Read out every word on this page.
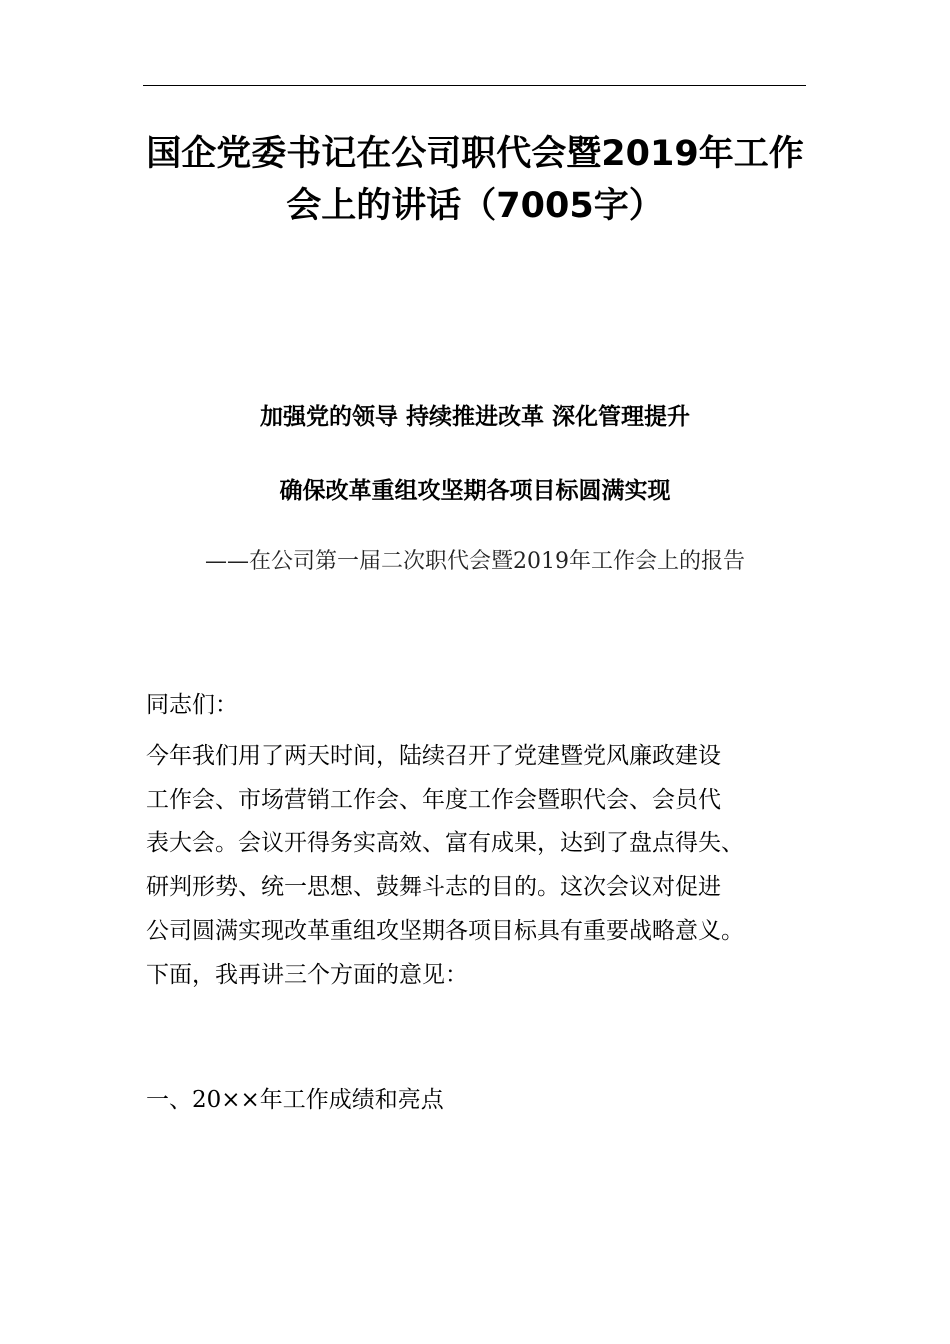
国企党委书记在公司职代会暨2019年工作会上的讲话（7005字）

加强党的领导 持续推进改革 深化管理提升

确保改革重组攻坚期各项目标圆满实现

——在公司第一届二次职代会暨2019年工作会上的报告

同志们：

今年我们用了两天时间，陆续召开了党建暨党风廉政建设
工作会、市场营销工作会、年度工作会暨职代会、会员代
表大会。会议开得务实高效、富有成果，达到了盘点得失、
研判形势、统一思想、鼓舞斗志的目的。这次会议对促进
公司圆满实现改革重组攻坚期各项目标具有重要战略意义。
下面，我再讲三个方面的意见：

一、20××年工作成绩和亮点
